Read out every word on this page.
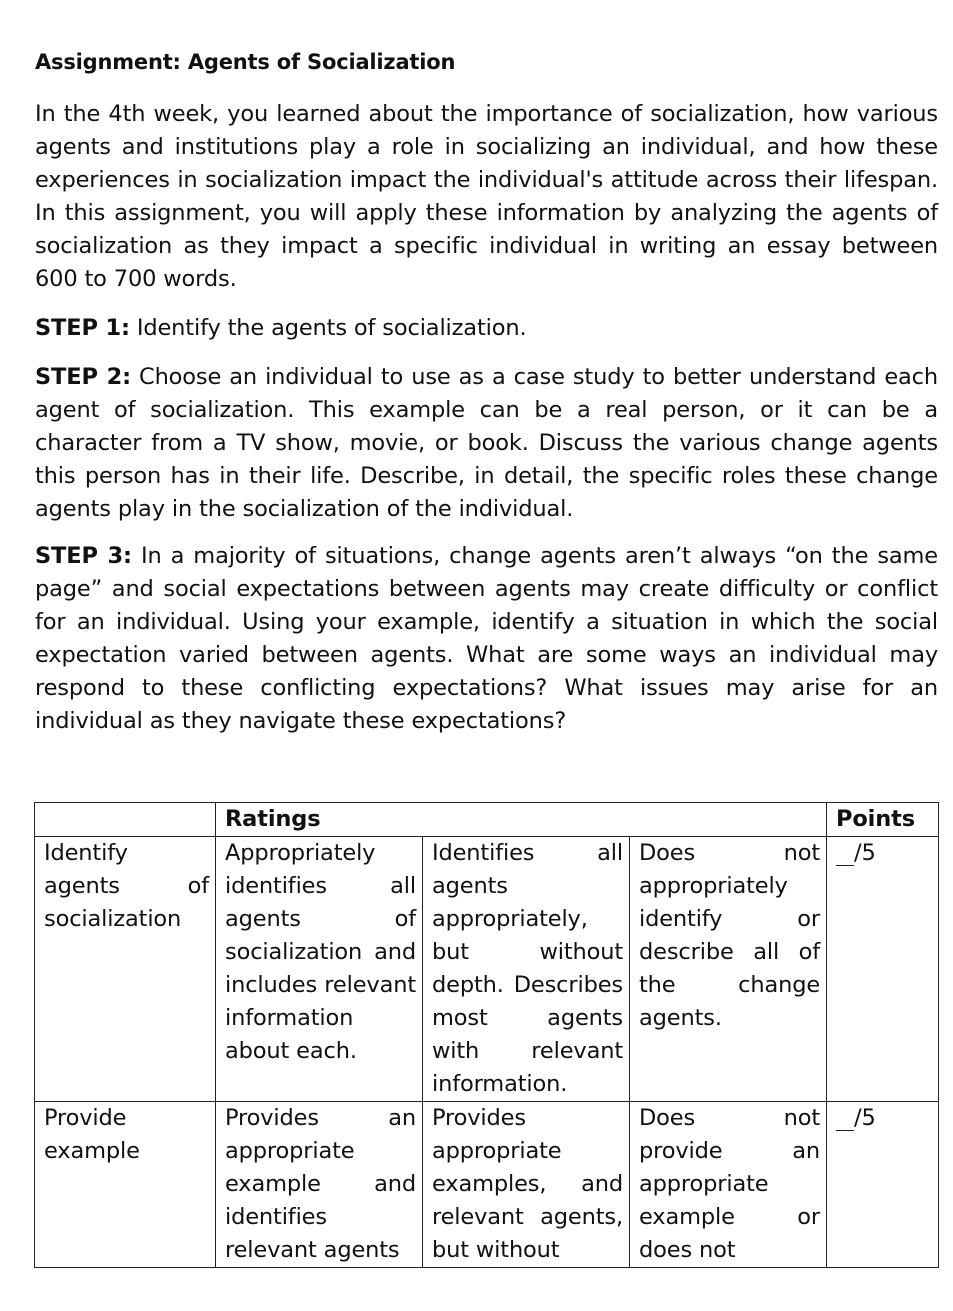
Assignment: Agents of Socialization
In the 4th week, you learned about the importance of socialization, how various agents and institutions play a role in socializing an individual, and how these experiences in socialization impact the individual's attitude across their lifespan. In this assignment, you will apply these information by analyzing the agents of socialization as they impact a specific individual in writing an essay between 600 to 700 words.
STEP 1: Identify the agents of socialization.
STEP 2: Choose an individual to use as a case study to better understand each agent of socialization. This example can be a real person, or it can be a character from a TV show, movie, or book. Discuss the various change agents this person has in their life. Describe, in detail, the specific roles these change agents play in the socialization of the individual.
STEP 3: In a majority of situations, change agents aren’t always “on the same page” and social expectations between agents may create difficulty or conflict for an individual. Using your example, identify a situation in which the social expectation varied between agents. What are some ways an individual may respond to these conflicting expectations? What issues may arise for an individual as they navigate these expectations?
	Ratings			Points
Identify agents of socialization	Appropriately identifies all agents of socialization and includes relevant information about each.	Identifies all agents appropriately, but without depth. Describes most agents with relevant information.	Does not appropriately identify or describe all of the change agents.	/5
Provide example	Provides an appropriate example and identifies relevant agents	Provides appropriate examples, and relevant agents, but without	Does not provide an appropriate example or does not	/5
